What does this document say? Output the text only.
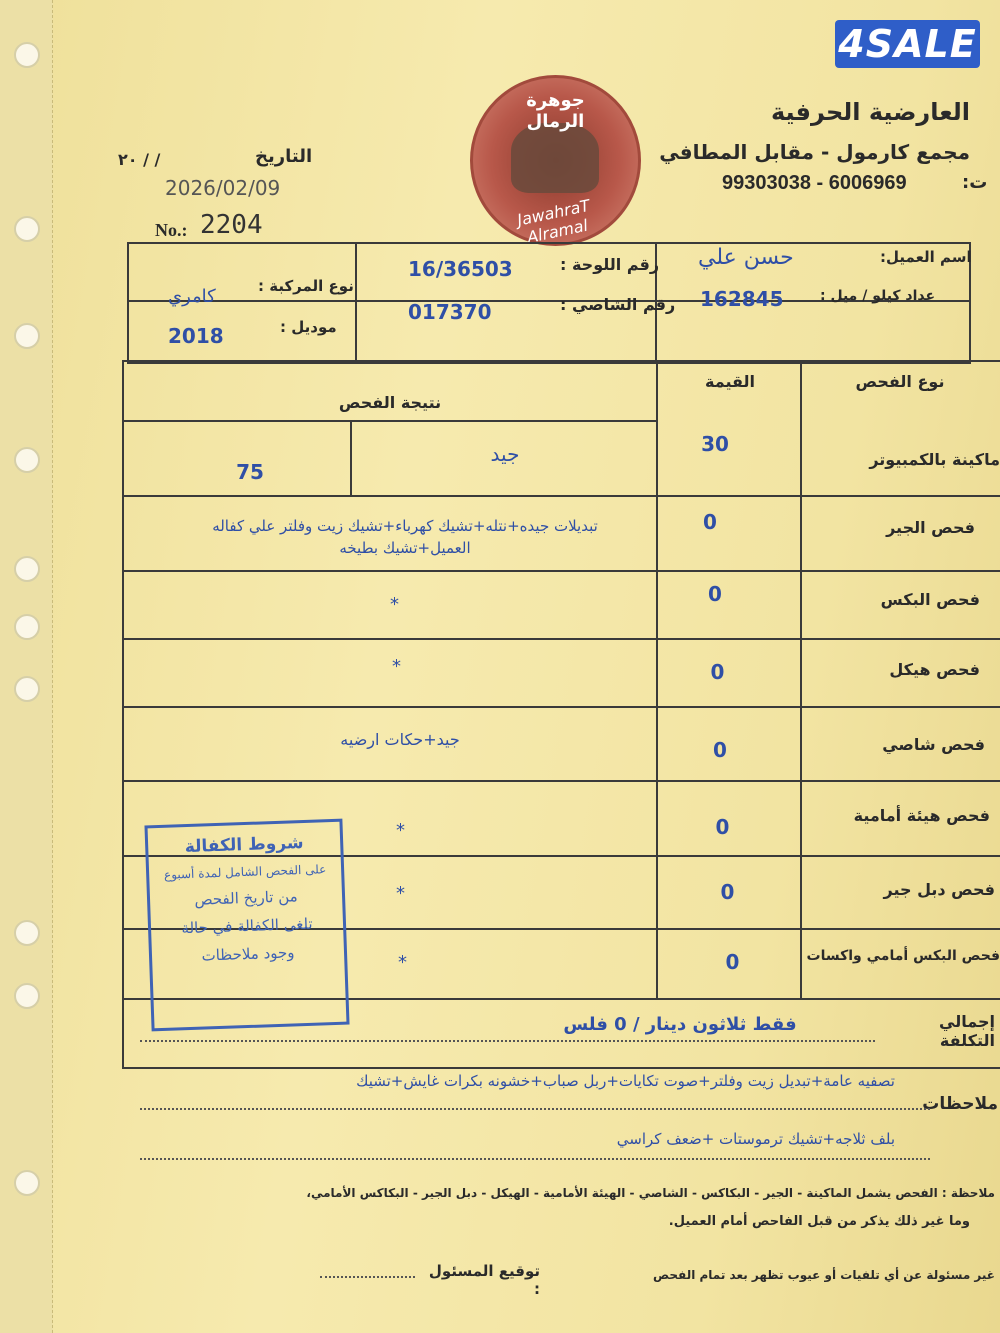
4SALE
جوهرة الرمال
JawahraT Alramal
العارضية الحرفية
مجمع كارمول - مقابل المطافي
99303038 - 6006969	ت:
التاريخ
/ / ٢٠
2026/02/09
No.: 2204
اسم العميل:
حسن علي
رقم اللوحة :
16/36503
نوع المركبة :
كامري	عداد كيلو / ميل :
162845
رقم الشاصي :
017370
موديل :
2018
نوع الفحص
القيمة
نتيجة الفحص
ماكينة بالكمبيوتر
30
جيد
75
فحص الجير
0
تبديلات جيده+نتله+تشيك كهرباء+تشيك زيت وفلتر علي كفاله العميل+تشيك بطيخه
فحص البكس
0
*
فحص هيكل
0
*
فحص شاصي
0
جيد+حكات ارضيه
فحص هيئة أمامية
0
*
فحص دبل جير
0
*
فحص البكس أمامي واكسات
0
*
شروط الكفالة
على الفحص الشامل لمدة أسبوع
من تاريخ الفحص
تلغى الكفالة في حالة
وجود ملاحظات
إجمالي التكلفة
فقط ثلاثون دينار / 0 فلس
ملاحظات
تصفيه عامة+تبديل زيت وفلتر+صوت تكايات+ربل صباب+خشونه بكرات غايش+تشيك
بلف ثلاجه+تشيك ترموستات +ضعف كراسي
ملاحظة : الفحص يشمل الماكينة - الجير - البكاكس - الشاصي - الهيئة الأمامية - الهيكل - دبل الجير - البكاكس الأمامي،
وما غير ذلك يذكر من قبل الفاحص أمام العميل.
توقيع المسئول :
غير مسئولة عن أي تلفيات أو عيوب تظهر بعد تمام الفحص
